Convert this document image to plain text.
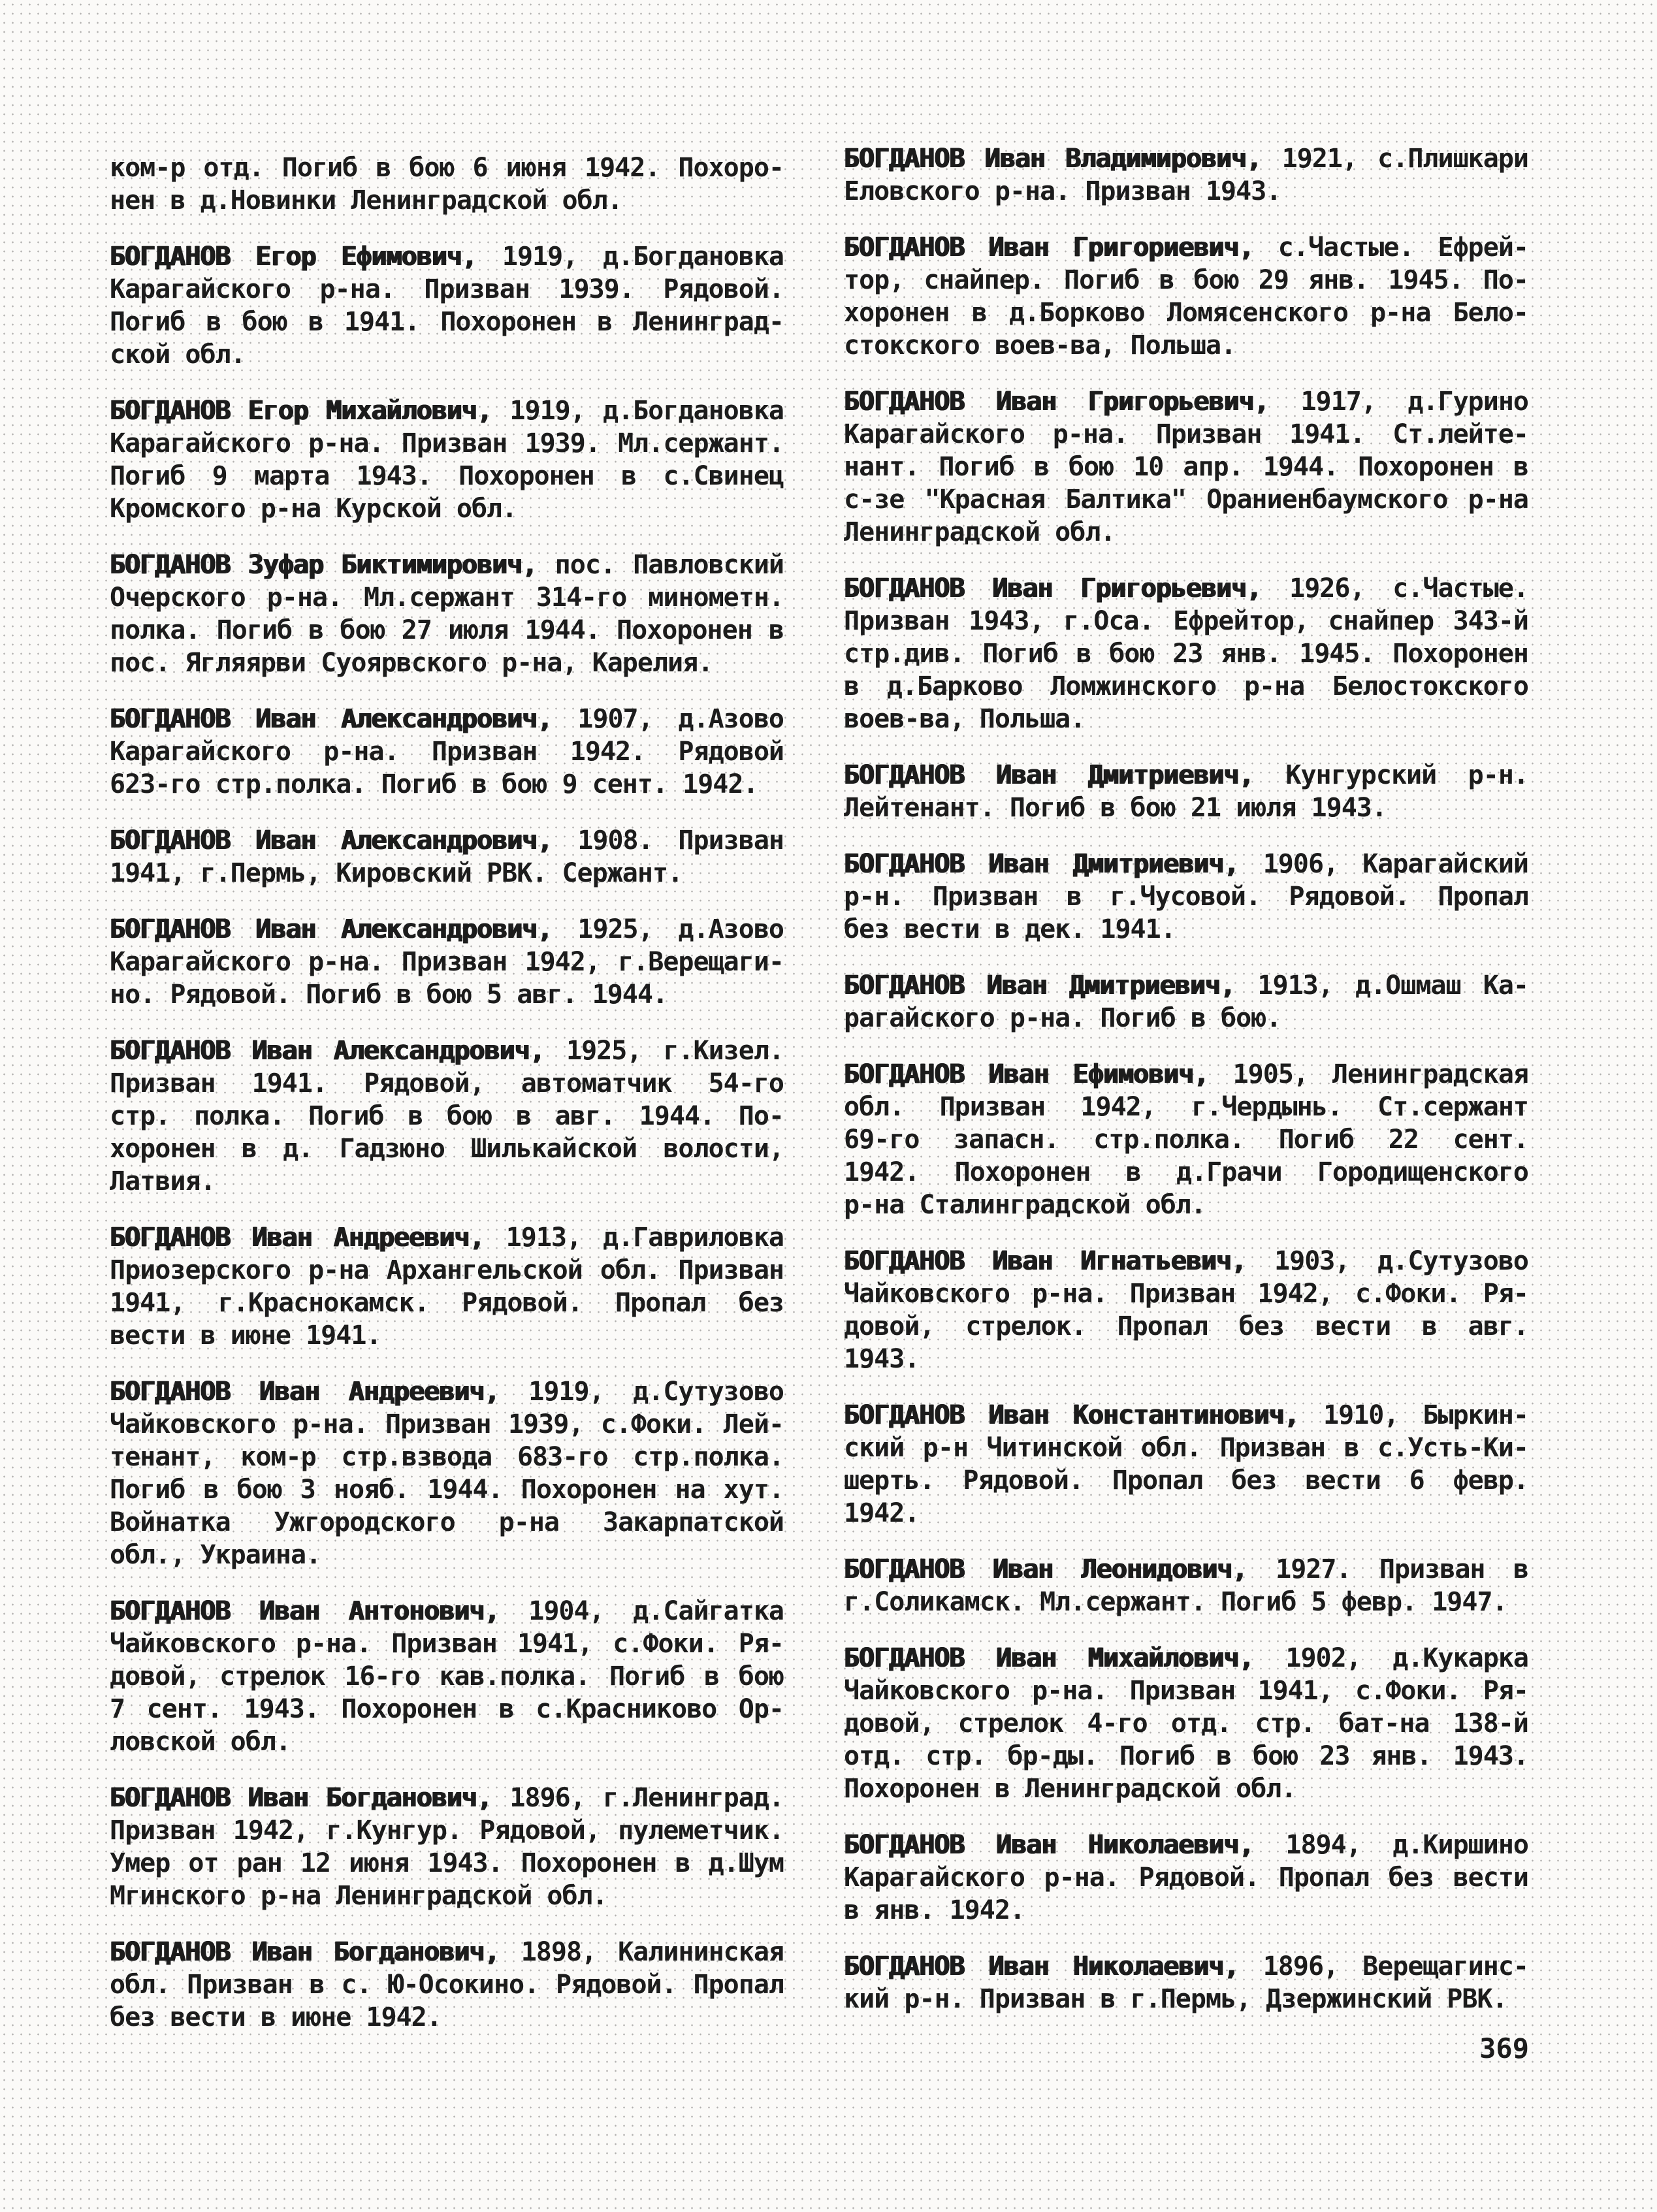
ком-р отд. Погиб в бою 6 июня 1942. Похоро-
нен в д.Новинки Ленинградской обл.
БОГДАНОВ Егор Ефимович, 1919, д.Богдановка
Карагайского р-на. Призван 1939. Рядовой.
Погиб в бою в 1941. Похоронен в Ленинград-
ской обл.
БОГДАНОВ Егор Михайлович, 1919, д.Богдановка
Карагайского р-на. Призван 1939. Мл.сержант.
Погиб 9 марта 1943. Похоронен в с.Свинец
Кромского р-на Курской обл.
БОГДАНОВ Зуфар Биктимирович, пос. Павловский
Очерского р-на. Мл.сержант 314-го минометн.
полка. Погиб в бою 27 июля 1944. Похоронен в
пос. Ягляярви Суоярвского р-на, Карелия.
БОГДАНОВ Иван Александрович, 1907, д.Азово
Карагайского р-на. Призван 1942. Рядовой
623-го стр.полка. Погиб в бою 9 сент. 1942.
БОГДАНОВ Иван Александрович, 1908. Призван
1941, г.Пермь, Кировский РВК. Сержант.
БОГДАНОВ Иван Александрович, 1925, д.Азово
Карагайского р-на. Призван 1942, г.Верещаги-
но. Рядовой. Погиб в бою 5 авг. 1944.
БОГДАНОВ Иван Александрович, 1925, г.Кизел.
Призван 1941. Рядовой, автоматчик 54-го
стр. полка. Погиб в бою в авг. 1944. По-
хоронен в д. Гадзюно Шилькайской волости,
Латвия.
БОГДАНОВ Иван Андреевич, 1913, д.Гавриловка
Приозерского р-на Архангельской обл. Призван
1941, г.Краснокамск. Рядовой. Пропал без
вести в июне 1941.
БОГДАНОВ Иван Андреевич, 1919, д.Сутузово
Чайковского р-на. Призван 1939, с.Фоки. Лей-
тенант, ком-р стр.взвода 683-го стр.полка.
Погиб в бою 3 нояб. 1944. Похоронен на хут.
Войнатка Ужгородского р-на Закарпатской
обл., Украина.
БОГДАНОВ Иван Антонович, 1904, д.Сайгатка
Чайковского р-на. Призван 1941, с.Фоки. Ря-
довой, стрелок 16-го кав.полка. Погиб в бою
7 сент. 1943. Похоронен в с.Красниково Ор-
ловской обл.
БОГДАНОВ Иван Богданович, 1896, г.Ленинград.
Призван 1942, г.Кунгур. Рядовой, пулеметчик.
Умер от ран 12 июня 1943. Похоронен в д.Шум
Мгинского р-на Ленинградской обл.
БОГДАНОВ Иван Богданович, 1898, Калининская
обл. Призван в с. Ю-Осокино. Рядовой. Пропал
без вести в июне 1942.
БОГДАНОВ Иван Владимирович, 1921, с.Плишкари
Еловского р-на. Призван 1943.
БОГДАНОВ Иван Григориевич, с.Частые. Ефрей-
тор, снайпер. Погиб в бою 29 янв. 1945. По-
хоронен в д.Борково Ломясенского р-на Бело-
стокского воев-ва, Польша.
БОГДАНОВ Иван Григорьевич, 1917, д.Гурино
Карагайского р-на. Призван 1941. Ст.лейте-
нант. Погиб в бою 10 апр. 1944. Похоронен в
с-зе "Красная Балтика" Ораниенбаумского р-на
Ленинградской обл.
БОГДАНОВ Иван Григорьевич, 1926, с.Частые.
Призван 1943, г.Оса. Ефрейтор, снайпер 343-й
стр.див. Погиб в бою 23 янв. 1945. Похоронен
в д.Барково Ломжинского р-на Белостокского
воев-ва, Польша.
БОГДАНОВ Иван Дмитриевич, Кунгурский р-н.
Лейтенант. Погиб в бою 21 июля 1943.
БОГДАНОВ Иван Дмитриевич, 1906, Карагайский
р-н. Призван в г.Чусовой. Рядовой. Пропал
без вести в дек. 1941.
БОГДАНОВ Иван Дмитриевич, 1913, д.Ошмаш Ка-
рагайского р-на. Погиб в бою.
БОГДАНОВ Иван Ефимович, 1905, Ленинградская
обл. Призван 1942, г.Чердынь. Ст.сержант
69-го запасн. стр.полка. Погиб 22 сент.
1942. Похоронен в д.Грачи Городищенского
р-на Сталинградской обл.
БОГДАНОВ Иван Игнатьевич, 1903, д.Сутузово
Чайковского р-на. Призван 1942, с.Фоки. Ря-
довой, стрелок. Пропал без вести в авг.
1943.
БОГДАНОВ Иван Константинович, 1910, Быркин-
ский р-н Читинской обл. Призван в с.Усть-Ки-
шерть. Рядовой. Пропал без вести 6 февр.
1942.
БОГДАНОВ Иван Леонидович, 1927. Призван в
г.Соликамск. Мл.сержант. Погиб 5 февр. 1947.
БОГДАНОВ Иван Михайлович, 1902, д.Кукарка
Чайковского р-на. Призван 1941, с.Фоки. Ря-
довой, стрелок 4-го отд. стр. бат-на 138-й
отд. стр. бр-ды. Погиб в бою 23 янв. 1943.
Похоронен в Ленинградской обл.
БОГДАНОВ Иван Николаевич, 1894, д.Киршино
Карагайского р-на. Рядовой. Пропал без вести
в янв. 1942.
БОГДАНОВ Иван Николаевич, 1896, Верещагинс-
кий р-н. Призван в г.Пермь, Дзержинский РВК.
369
